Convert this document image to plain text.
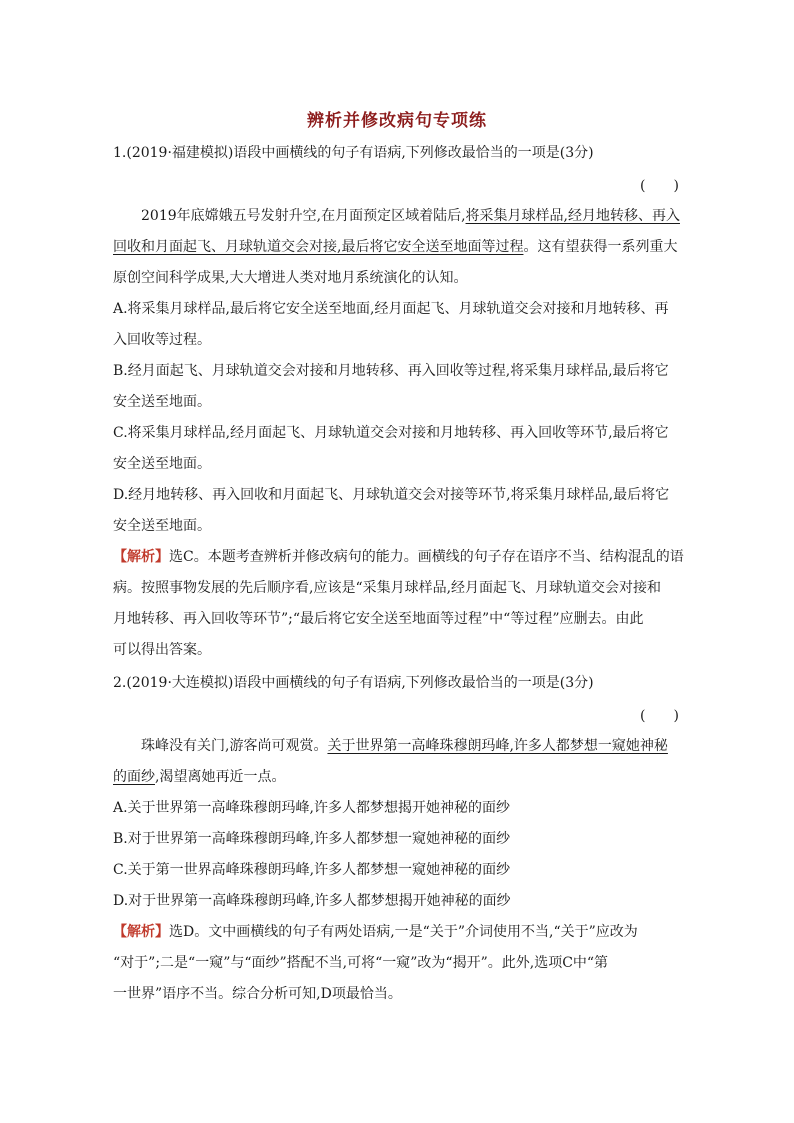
辨析并修改病句专项练
1.(2019·福建模拟)语段中画横线的句子有语病,下列修改最恰当的一项是(3分)
(　　)
2019年底嫦娥五号发射升空,在月面预定区域着陆后,将采集月球样品,经月地转移、再入
回收和月面起飞、月球轨道交会对接,最后将它安全送至地面等过程。这有望获得一系列重大
原创空间科学成果,大大增进人类对地月系统演化的认知。
A.将采集月球样品,最后将它安全送至地面,经月面起飞、月球轨道交会对接和月地转移、再
入回收等过程。
B.经月面起飞、月球轨道交会对接和月地转移、再入回收等过程,将采集月球样品,最后将它
安全送至地面。
C.将采集月球样品,经月面起飞、月球轨道交会对接和月地转移、再入回收等环节,最后将它
安全送至地面。
D.经月地转移、再入回收和月面起飞、月球轨道交会对接等环节,将采集月球样品,最后将它
安全送至地面。
【解析】选C。本题考查辨析并修改病句的能力。画横线的句子存在语序不当、结构混乱的语
病。按照事物发展的先后顺序看,应该是“采集月球样品,经月面起飞、月球轨道交会对接和
月地转移、再入回收等环节”;“最后将它安全送至地面等过程”中“等过程”应删去。由此
可以得出答案。
2.(2019·大连模拟)语段中画横线的句子有语病,下列修改最恰当的一项是(3分)
(　　)
珠峰没有关门,游客尚可观赏。关于世界第一高峰珠穆朗玛峰,许多人都梦想一窥她神秘
的面纱,渴望离她再近一点。
A.关于世界第一高峰珠穆朗玛峰,许多人都梦想揭开她神秘的面纱
B.对于世界第一高峰珠穆朗玛峰,许多人都梦想一窥她神秘的面纱
C.关于第一世界高峰珠穆朗玛峰,许多人都梦想一窥她神秘的面纱
D.对于世界第一高峰珠穆朗玛峰,许多人都梦想揭开她神秘的面纱
【解析】选D。文中画横线的句子有两处语病,一是“关于”介词使用不当,“关于”应改为
“对于”;二是“一窥”与“面纱”搭配不当,可将“一窥”改为“揭开”。此外,选项C中“第
一世界”语序不当。综合分析可知,D项最恰当。
